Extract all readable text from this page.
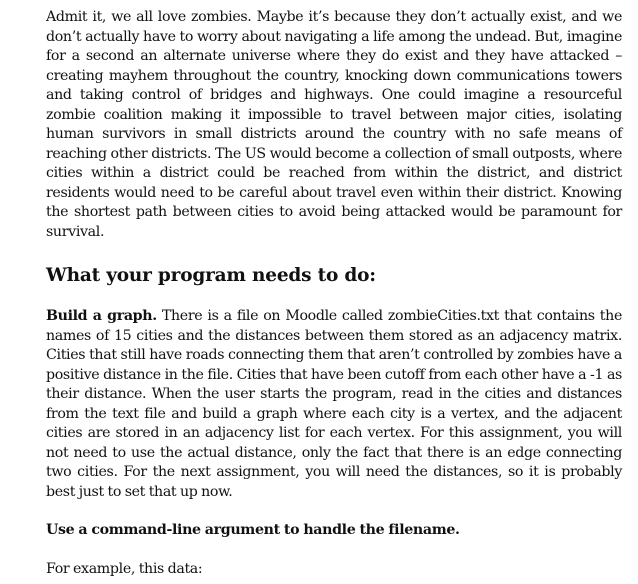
Admit it, we all love zombies. Maybe it’s because they don’t actually exist, and we don’t actually have to worry about navigating a life among the undead. But, imagine for a second an alternate universe where they do exist and they have attacked – creating mayhem throughout the country, knocking down communications towers and taking control of bridges and highways. One could imagine a resourceful zombie coalition making it impossible to travel between major cities, isolating human survivors in small districts around the country with no safe means of reaching other districts. The US would become a collection of small outposts, where cities within a district could be reached from within the district, and district residents would need to be careful about travel even within their district. Knowing the shortest path between cities to avoid being attacked would be paramount for survival.

What your program needs to do:

Build a graph. There is a file on Moodle called zombieCities.txt that contains the names of 15 cities and the distances between them stored as an adjacency matrix. Cities that still have roads connecting them that aren’t controlled by zombies have a positive distance in the file. Cities that have been cutoff from each other have a -1 as their distance. When the user starts the program, read in the cities and distances from the text file and build a graph where each city is a vertex, and the adjacent cities are stored in an adjacency list for each vertex. For this assignment, you will not need to use the actual distance, only the fact that there is an edge connecting two cities. For the next assignment, you will need the distances, so it is probably best just to set that up now.

Use a command-line argument to handle the filename.

For example, this data:
